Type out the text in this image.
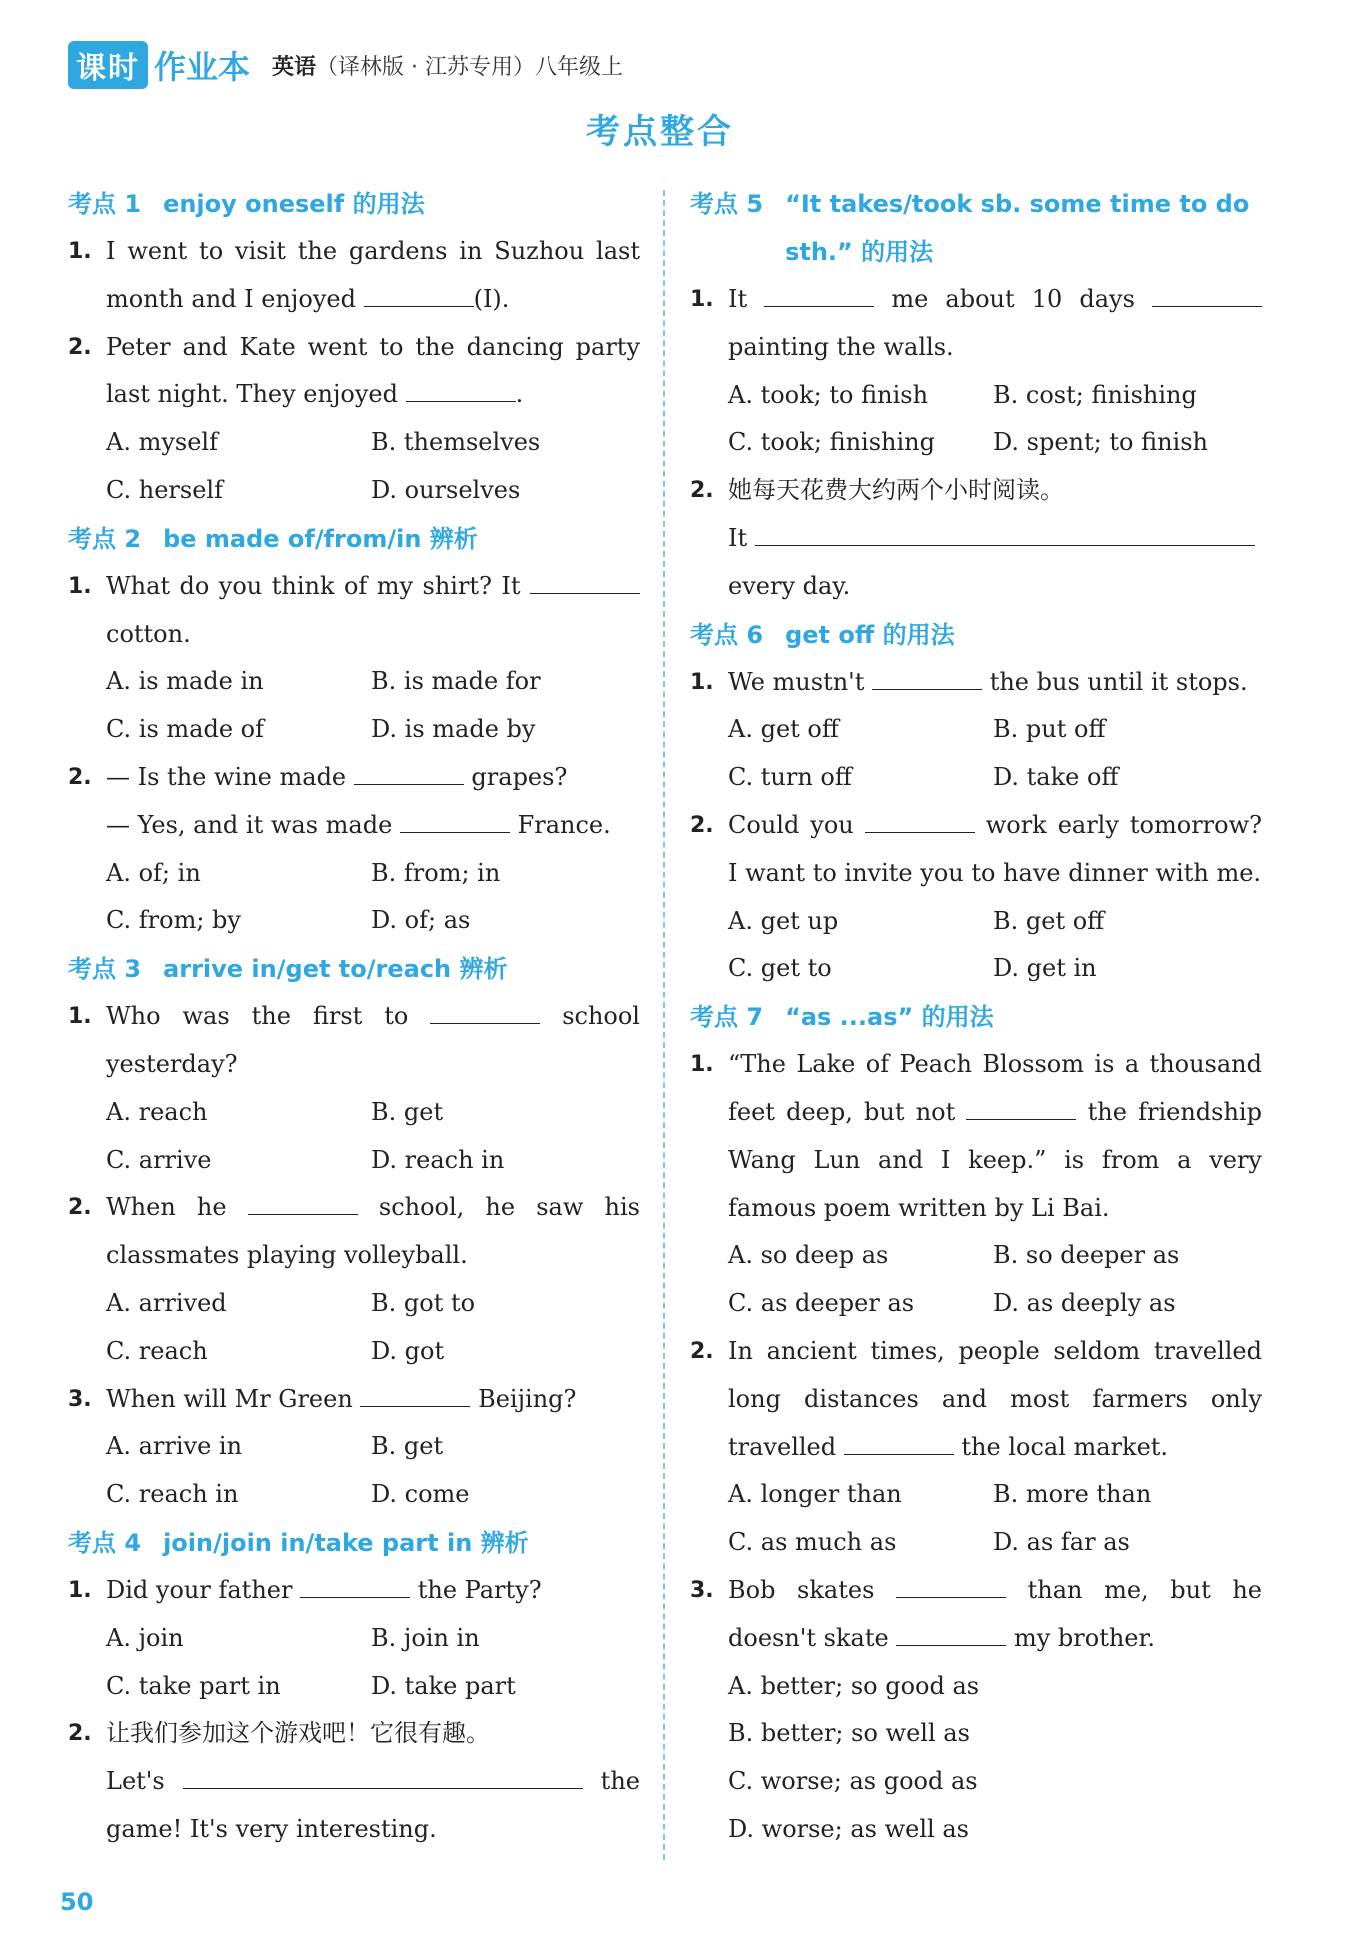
课时 作业本 英语 （译林版 · 江苏专用） 八年级上
考点整合
考点 1 enjoy oneself 的用法
1. I went to visit the gardens in Suzhou last month and I enjoyed	(I).
2. Peter and Kate went to the dancing party last night. They enjoyed	.
A. myself	B. themselves
C. herself	D. ourselves
考点 2 be made of/from/in 辨析
1. What do you think of my shirt? It  cotton.
A. is made in	B. is made for
C. is made of	D. is made by
2. — Is the wine made	grapes?
— Yes, and it was made	France.
A. of; in	B. from; in
C. from; by	D. of; as
考点 3 arrive in/get to/reach 辨析
1. Who was the first to	school yesterday?
A. reach	B. get
C. arrive	D. reach in
2. When he	school, he saw his classmates playing volleyball.
A. arrived	B. got to
C. reach	D. got
3. When will Mr Green	Beijing?
A. arrive in	B. get
C. reach in	D. come
考点 4 join/join in/take part in 辨析
1. Did your father	the Party?
A. join	B. join in
C. take part in	D. take part
2. 让我们参加这个游戏吧！它很有趣。
Let's	the game! It's very interesting.
考点 5 “It takes/took sb. some time to do sth.” 的用法
1. It	me about 10 days  painting the walls.
A. took; to finish	B. cost; finishing
C. took; finishing	D. spent; to finish
2. 她每天花费大约两个小时阅读。
It
every day.
考点 6 get off 的用法
1. We mustn't	the bus until it stops.
A. get off	B. put off
C. turn off	D. take off
2. Could you	work early tomorrow? I want to invite you to have dinner with me.
A. get up	B. get off
C. get to	D. get in
考点 7 “as ...as” 的用法
1. “The Lake of Peach Blossom is a thousand feet deep, but not	the friendship Wang Lun and I keep.” is from a very famous poem written by Li Bai.
A. so deep as	B. so deeper as
C. as deeper as	D. as deeply as
2. In ancient times, people seldom travelled long distances and most farmers only travelled	the local market.
A. longer than	B. more than
C. as much as	D. as far as
3. Bob skates	than me, but he doesn't skate	my brother.
A. better; so good as
B. better; so well as
C. worse; as good as
D. worse; as well as
50
